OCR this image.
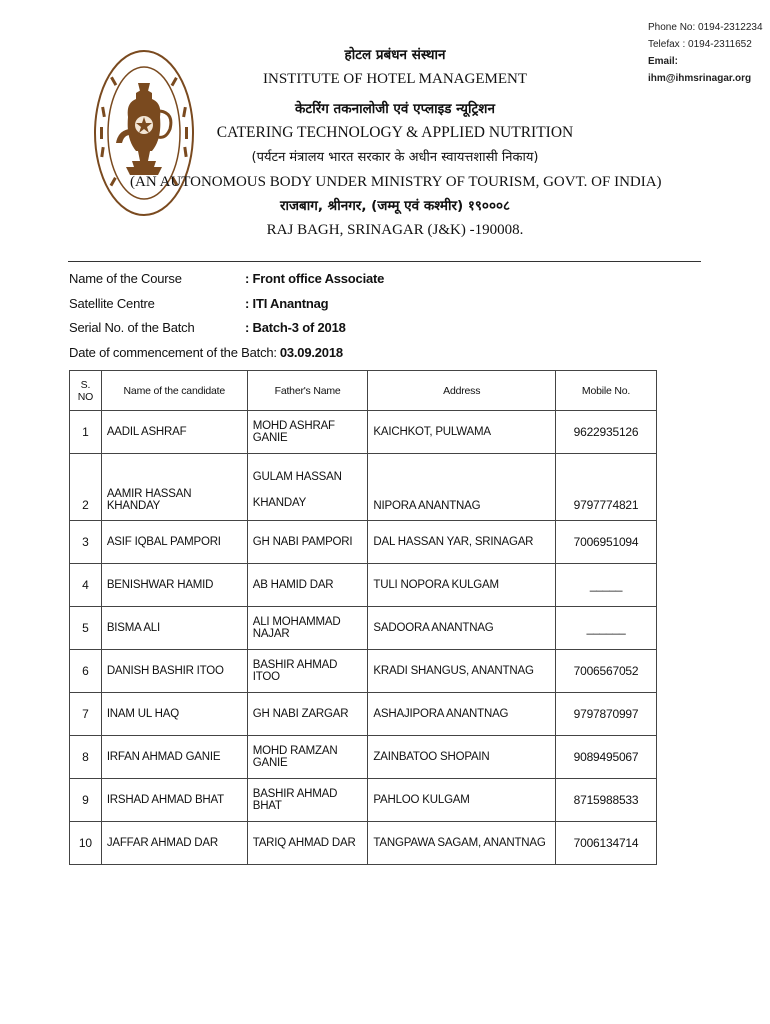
Phone No: 0194-2312234
Telefax : 0194-2311652
Email: ihm@ihmsrinagar.org
होटल प्रबंधन संस्थान
INSTITUTE OF HOTEL MANAGEMENT
केटरिंग तकनालोजी एवं एप्लाइड न्यूट्रिशन
CATERING TECHNOLOGY & APPLIED NUTRITION
(पर्यटन मंत्रालय भारत सरकार के अधीन स्वायत्तशासी निकाय)
(AN AUTONOMOUS BODY UNDER MINISTRY OF TOURISM, GOVT. OF INDIA)
राजबाग, श्रीनगर, (जम्मू एवं कश्मीर) १९०००८
RAJ BAGH, SRINAGAR (J&K) -190008.
Name of the Course	: Front office Associate
Satellite Centre	: ITI Anantnag
Serial No. of the Batch	: Batch-3 of 2018
Date of commencement of the Batch: 03.09.2018
S. NO	Name of the candidate	Father's Name	Address	Mobile No.
1	AADIL ASHRAF	MOHD ASHRAF GANIE	KAICHKOT, PULWAMA	9622935126
2	AAMIR HASSAN KHANDAY	GULAM HASSAN
KHANDAY	NIPORA ANANTNAG	9797774821
3	ASIF IQBAL PAMPORI	GH NABI PAMPORI	DAL HASSAN YAR, SRINAGAR	7006951094
4	BENISHWAR HAMID	AB HAMID DAR	TULI NOPORA KULGAM	_____
5	BISMA ALI	ALI MOHAMMAD NAJAR	SADOORA ANANTNAG	______
6	DANISH BASHIR ITOO	BASHIR AHMAD ITOO	KRADI SHANGUS, ANANTNAG	7006567052
7	INAM UL HAQ	GH NABI ZARGAR	ASHAJIPORA ANANTNAG	9797870997
8	IRFAN AHMAD GANIE	MOHD RAMZAN GANIE	ZAINBATOO SHOPAIN	9089495067
9	IRSHAD AHMAD BHAT	BASHIR AHMAD BHAT	PAHLOO KULGAM	8715988533
10	JAFFAR AHMAD DAR	TARIQ AHMAD DAR	TANGPAWA SAGAM, ANANTNAG	7006134714
